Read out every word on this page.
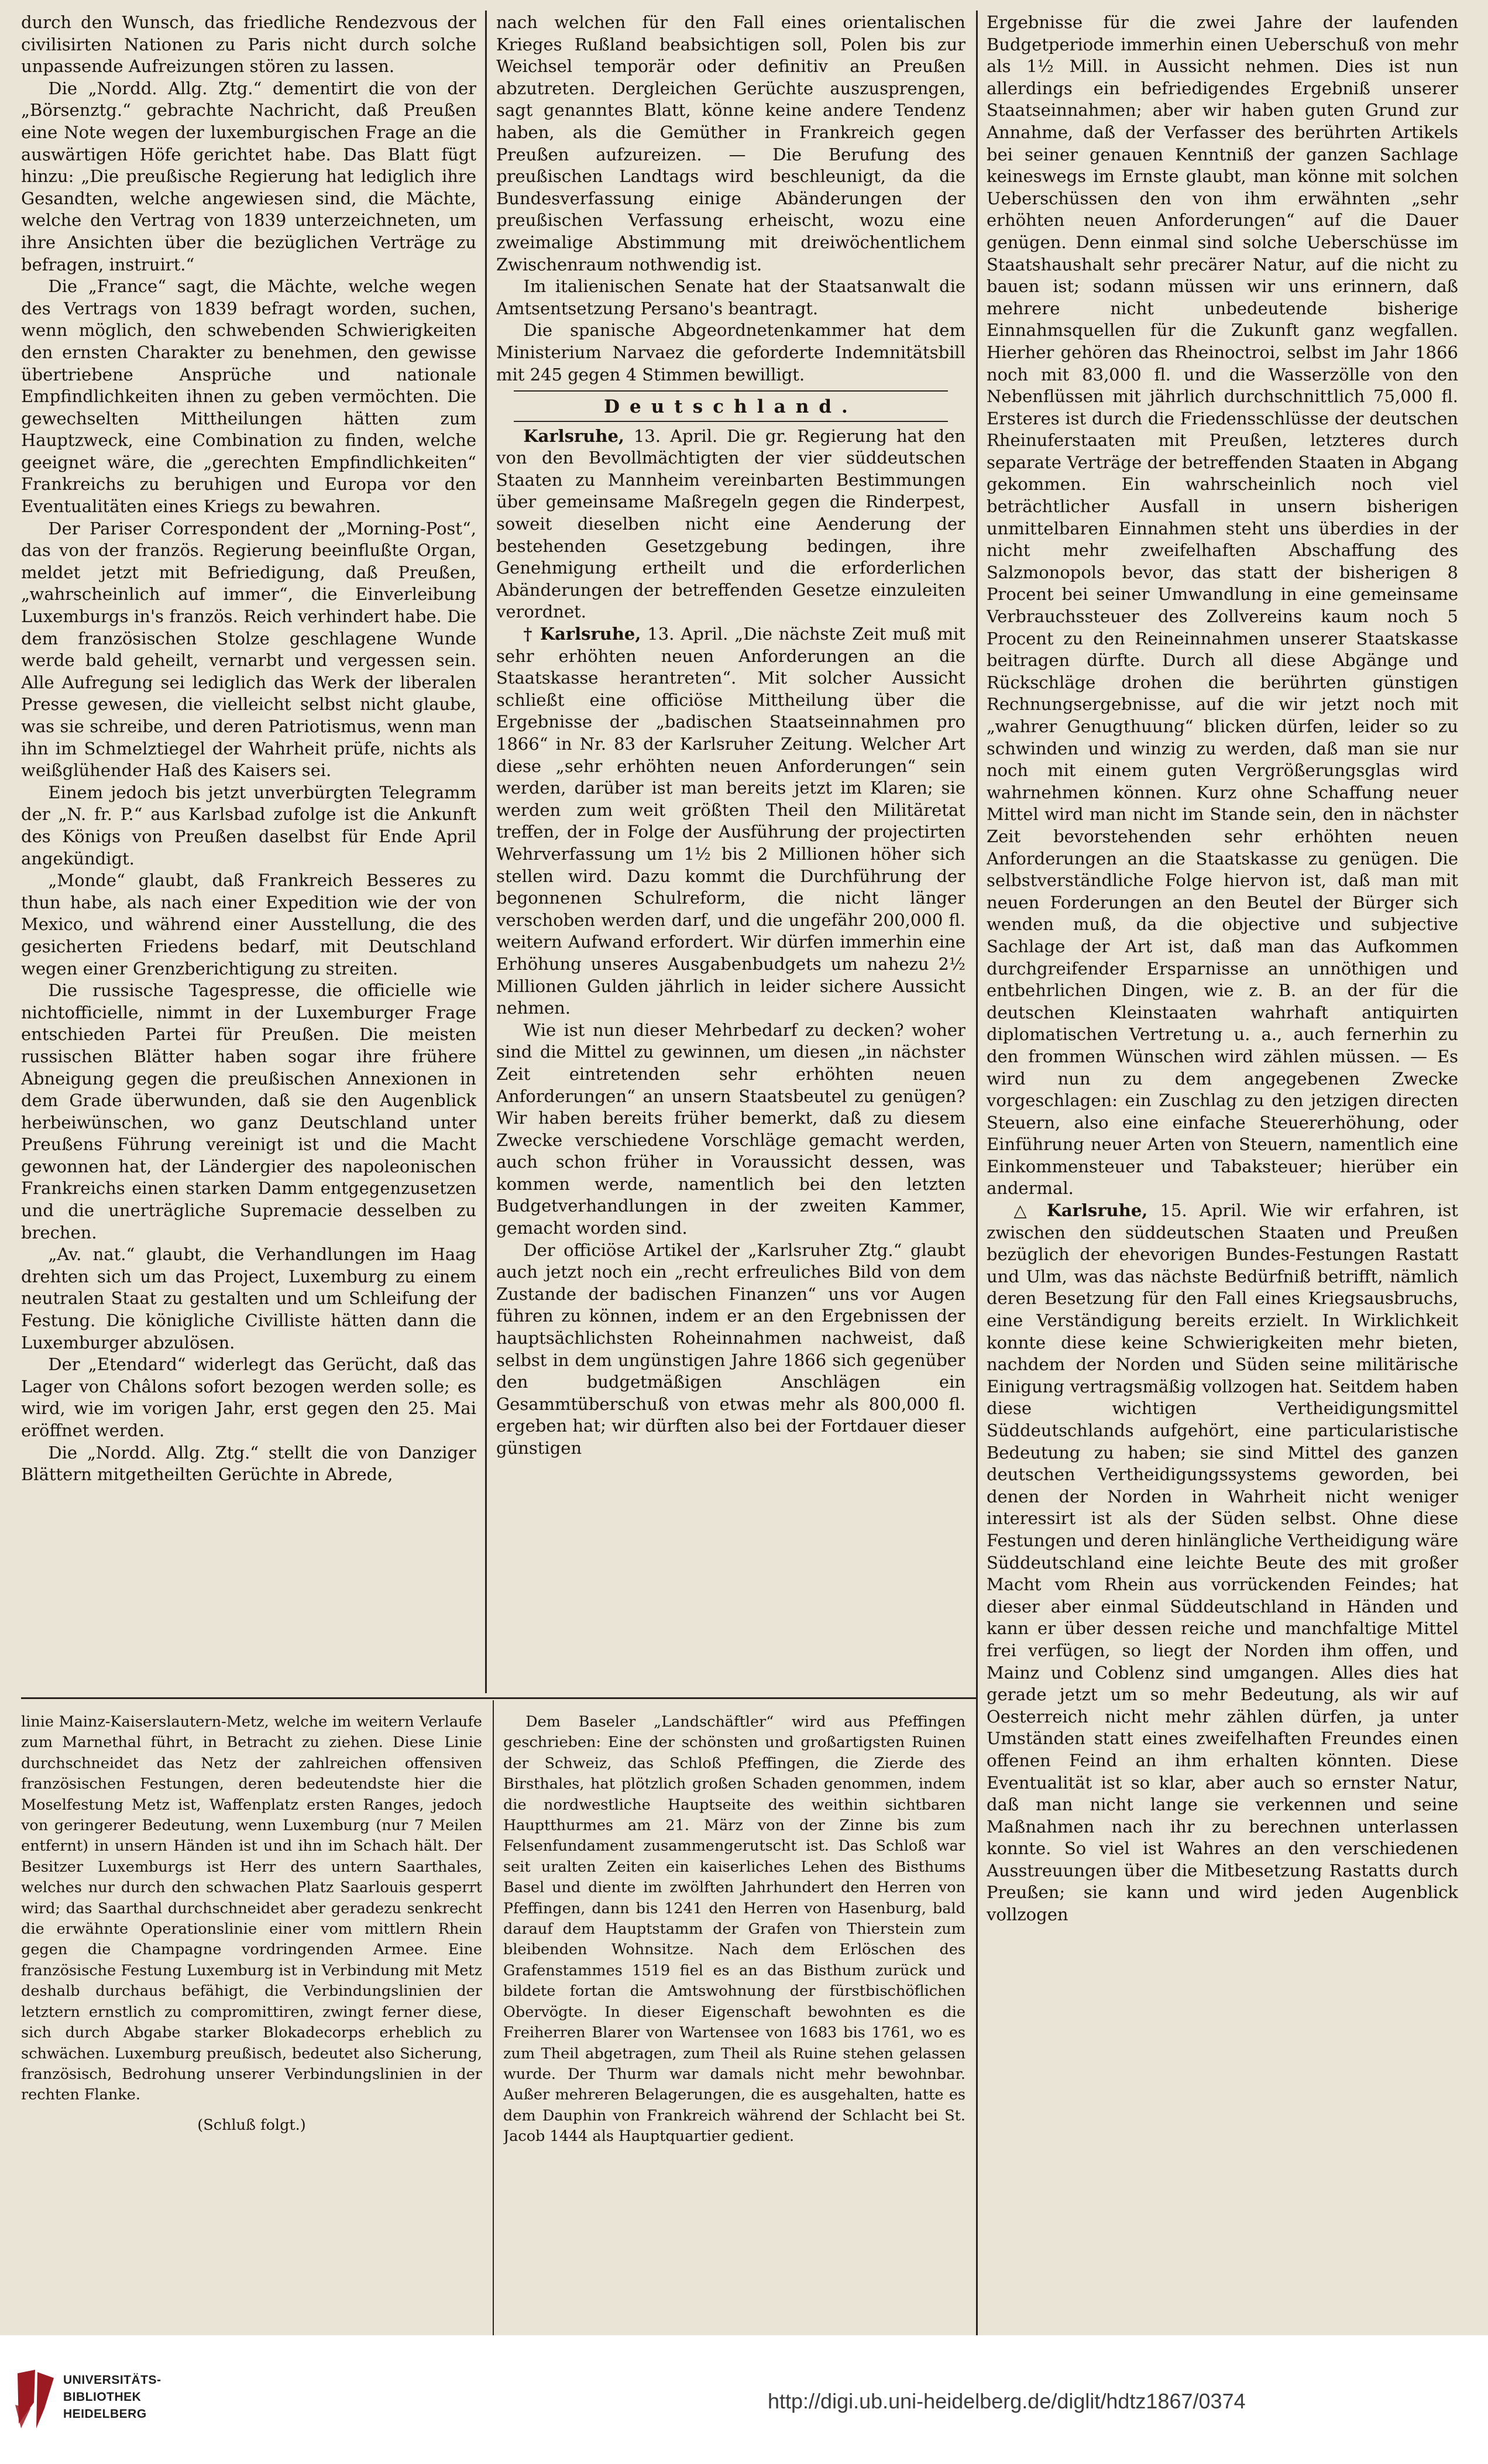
durch den Wunsch, das friedliche Rendezvous der civilisirten Nationen zu Paris nicht durch solche unpassende Aufreizungen stören zu lassen.

Die „Nordd. Allg. Ztg.“ dementirt die von der „Börsenztg.“ gebrachte Nachricht, daß Preußen eine Note wegen der luxemburgischen Frage an die auswärtigen Höfe gerichtet habe. Das Blatt fügt hinzu: „Die preußische Regierung hat lediglich ihre Gesandten, welche angewiesen sind, die Mächte, welche den Vertrag von 1839 unterzeichneten, um ihre Ansichten über die bezüglichen Verträge zu befragen, instruirt.“

Die „France“ sagt, die Mächte, welche wegen des Vertrags von 1839 befragt worden, suchen, wenn möglich, den schwebenden Schwierigkeiten den ernsten Charakter zu benehmen, den gewisse übertriebene Ansprüche und nationale Empfindlichkeiten ihnen zu geben vermöchten. Die gewechselten Mittheilungen hätten zum Hauptzweck, eine Combination zu finden, welche geeignet wäre, die „gerechten Empfindlichkeiten“ Frankreichs zu beruhigen und Europa vor den Eventualitäten eines Kriegs zu bewahren.

Der Pariser Correspondent der „Morning-Post“, das von der französ. Regierung beeinflußte Organ, meldet jetzt mit Befriedigung, daß Preußen, „wahrscheinlich auf immer“, die Einverleibung Luxemburgs in's französ. Reich verhindert habe. Die dem französischen Stolze geschlagene Wunde werde bald geheilt, vernarbt und vergessen sein. Alle Aufregung sei lediglich das Werk der liberalen Presse gewesen, die vielleicht selbst nicht glaube, was sie schreibe, und deren Patriotismus, wenn man ihn im Schmelztiegel der Wahrheit prüfe, nichts als weißglühender Haß des Kaisers sei.

Einem jedoch bis jetzt unverbürgten Telegramm der „N. fr. P.“ aus Karlsbad zufolge ist die Ankunft des Königs von Preußen daselbst für Ende April angekündigt.

„Monde“ glaubt, daß Frankreich Besseres zu thun habe, als nach einer Expedition wie der von Mexico, und während einer Ausstellung, die des gesicherten Friedens bedarf, mit Deutschland wegen einer Grenzberichtigung zu streiten.

Die russische Tagespresse, die officielle wie nichtofficielle, nimmt in der Luxemburger Frage entschieden Partei für Preußen. Die meisten russischen Blätter haben sogar ihre frühere Abneigung gegen die preußischen Annexionen in dem Grade überwunden, daß sie den Augenblick herbeiwünschen, wo ganz Deutschland unter Preußens Führung vereinigt ist und die Macht gewonnen hat, der Ländergier des napoleonischen Frankreichs einen starken Damm entgegenzusetzen und die unerträgliche Supremacie desselben zu brechen.

„Av. nat.“ glaubt, die Verhandlungen im Haag drehten sich um das Project, Luxemburg zu einem neutralen Staat zu gestalten und um Schleifung der Festung. Die königliche Civilliste hätten dann die Luxemburger abzulösen.

Der „Etendard“ widerlegt das Gerücht, daß das Lager von Châlons sofort bezogen werden solle; es wird, wie im vorigen Jahr, erst gegen den 25. Mai eröffnet werden.

Die „Nordd. Allg. Ztg.“ stellt die von Danziger Blättern mitgetheilten Gerüchte in Abrede,

nach welchen für den Fall eines orientalischen Krieges Rußland beabsichtigen soll, Polen bis zur Weichsel temporär oder definitiv an Preußen abzutreten. Dergleichen Gerüchte auszusprengen, sagt genanntes Blatt, könne keine andere Tendenz haben, als die Gemüther in Frankreich gegen Preußen aufzureizen. — Die Berufung des preußischen Landtags wird beschleunigt, da die Bundesverfassung einige Abänderungen der preußischen Verfassung erheischt, wozu eine zweimalige Abstimmung mit dreiwöchentlichem Zwischenraum nothwendig ist.

Im italienischen Senate hat der Staatsanwalt die Amtsentsetzung Persano's beantragt.

Die spanische Abgeordnetenkammer hat dem Ministerium Narvaez die geforderte Indemnitätsbill mit 245 gegen 4 Stimmen bewilligt.

Deutschland.

Karlsruhe, 13. April. Die gr. Regierung hat den von den Bevollmächtigten der vier süddeutschen Staaten zu Mannheim vereinbarten Bestimmungen über gemeinsame Maßregeln gegen die Rinderpest, soweit dieselben nicht eine Aenderung der bestehenden Gesetzgebung bedingen, ihre Genehmigung ertheilt und die erforderlichen Abänderungen der betreffenden Gesetze einzuleiten verordnet.

† Karlsruhe, 13. April. „Die nächste Zeit muß mit sehr erhöhten neuen Anforderungen an die Staatskasse herantreten“. Mit solcher Aussicht schließt eine officiöse Mittheilung über die Ergebnisse der „badischen Staatseinnahmen pro 1866“ in Nr. 83 der Karlsruher Zeitung. Welcher Art diese „sehr erhöhten neuen Anforderungen“ sein werden, darüber ist man bereits jetzt im Klaren; sie werden zum weit größten Theil den Militäretat treffen, der in Folge der Ausführung der projectirten Wehrverfassung um 1½ bis 2 Millionen höher sich stellen wird. Dazu kommt die Durchführung der begonnenen Schulreform, die nicht länger verschoben werden darf, und die ungefähr 200,000 fl. weitern Aufwand erfordert. Wir dürfen immerhin eine Erhöhung unseres Ausgabenbudgets um nahezu 2½ Millionen Gulden jährlich in leider sichere Aussicht nehmen.

Wie ist nun dieser Mehrbedarf zu decken? woher sind die Mittel zu gewinnen, um diesen „in nächster Zeit eintretenden sehr erhöhten neuen Anforderungen“ an unsern Staatsbeutel zu genügen? Wir haben bereits früher bemerkt, daß zu diesem Zwecke verschiedene Vorschläge gemacht werden, auch schon früher in Voraussicht dessen, was kommen werde, namentlich bei den letzten Budgetverhandlungen in der zweiten Kammer, gemacht worden sind.

Der officiöse Artikel der „Karlsruher Ztg.“ glaubt auch jetzt noch ein „recht erfreuliches Bild von dem Zustande der badischen Finanzen“ uns vor Augen führen zu können, indem er an den Ergebnissen der hauptsächlichsten Roheinnahmen nachweist, daß selbst in dem ungünstigen Jahre 1866 sich gegenüber den budgetmäßigen Anschlägen ein Gesammtüberschuß von etwas mehr als 800,000 fl. ergeben hat; wir dürften also bei der Fortdauer dieser günstigen

Ergebnisse für die zwei Jahre der laufenden Budgetperiode immerhin einen Ueberschuß von mehr als 1½ Mill. in Aussicht nehmen. Dies ist nun allerdings ein befriedigendes Ergebniß unserer Staatseinnahmen; aber wir haben guten Grund zur Annahme, daß der Verfasser des berührten Artikels bei seiner genauen Kenntniß der ganzen Sachlage keineswegs im Ernste glaubt, man könne mit solchen Ueberschüssen den von ihm erwähnten „sehr erhöhten neuen Anforderungen“ auf die Dauer genügen. Denn einmal sind solche Ueberschüsse im Staatshaushalt sehr precärer Natur, auf die nicht zu bauen ist; sodann müssen wir uns erinnern, daß mehrere nicht unbedeutende bisherige Einnahmsquellen für die Zukunft ganz wegfallen. Hierher gehören das Rheinoctroi, selbst im Jahr 1866 noch mit 83,000 fl. und die Wasserzölle von den Nebenflüssen mit jährlich durchschnittlich 75,000 fl. Ersteres ist durch die Friedensschlüsse der deutschen Rheinuferstaaten mit Preußen, letzteres durch separate Verträge der betreffenden Staaten in Abgang gekommen. Ein wahrscheinlich noch viel beträchtlicher Ausfall in unsern bisherigen unmittelbaren Einnahmen steht uns überdies in der nicht mehr zweifelhaften Abschaffung des Salzmonopols bevor, das statt der bisherigen 8 Procent bei seiner Umwandlung in eine gemeinsame Verbrauchssteuer des Zollvereins kaum noch 5 Procent zu den Reineinnahmen unserer Staatskasse beitragen dürfte. Durch all diese Abgänge und Rückschläge drohen die berührten günstigen Rechnungsergebnisse, auf die wir jetzt noch mit „wahrer Genugthuung“ blicken dürfen, leider so zu schwinden und winzig zu werden, daß man sie nur noch mit einem guten Vergrößerungsglas wird wahrnehmen können. Kurz ohne Schaffung neuer Mittel wird man nicht im Stande sein, den in nächster Zeit bevorstehenden sehr erhöhten neuen Anforderungen an die Staatskasse zu genügen. Die selbstverständliche Folge hiervon ist, daß man mit neuen Forderungen an den Beutel der Bürger sich wenden muß, da die objective und subjective Sachlage der Art ist, daß man das Aufkommen durchgreifender Ersparnisse an unnöthigen und entbehrlichen Dingen, wie z. B. an der für die deutschen Kleinstaaten wahrhaft antiquirten diplomatischen Vertretung u. a., auch fernerhin zu den frommen Wünschen wird zählen müssen. — Es wird nun zu dem angegebenen Zwecke vorgeschlagen: ein Zuschlag zu den jetzigen directen Steuern, also eine einfache Steuererhöhung, oder Einführung neuer Arten von Steuern, namentlich eine Einkommensteuer und Tabaksteuer; hierüber ein andermal.

△ Karlsruhe, 15. April. Wie wir erfahren, ist zwischen den süddeutschen Staaten und Preußen bezüglich der ehevorigen Bundes-Festungen Rastatt und Ulm, was das nächste Bedürfniß betrifft, nämlich deren Besetzung für den Fall eines Kriegsausbruchs, eine Verständigung bereits erzielt. In Wirklichkeit konnte diese keine Schwierigkeiten mehr bieten, nachdem der Norden und Süden seine militärische Einigung vertragsmäßig vollzogen hat. Seitdem haben diese wichtigen Vertheidigungsmittel Süddeutschlands aufgehört, eine particularistische Bedeutung zu haben; sie sind Mittel des ganzen deutschen Vertheidigungssystems geworden, bei denen der Norden in Wahrheit nicht weniger interessirt ist als der Süden selbst. Ohne diese Festungen und deren hinlängliche Vertheidigung wäre Süddeutschland eine leichte Beute des mit großer Macht vom Rhein aus vorrückenden Feindes; hat dieser aber einmal Süddeutschland in Händen und kann er über dessen reiche und manchfaltige Mittel frei verfügen, so liegt der Norden ihm offen, und Mainz und Coblenz sind umgangen. Alles dies hat gerade jetzt um so mehr Bedeutung, als wir auf Oesterreich nicht mehr zählen dürfen, ja unter Umständen statt eines zweifelhaften Freundes einen offenen Feind an ihm erhalten könnten. Diese Eventualität ist so klar, aber auch so ernster Natur, daß man nicht lange sie verkennen und seine Maßnahmen nach ihr zu berechnen unterlassen konnte. So viel ist Wahres an den verschiedenen Ausstreuungen über die Mitbesetzung Rastatts durch Preußen; sie kann und wird jeden Augenblick vollzogen

linie Mainz-Kaiserslautern-Metz, welche im weitern Verlaufe zum Marnethal führt, in Betracht zu ziehen. Diese Linie durchschneidet das Netz der zahlreichen offensiven französischen Festungen, deren bedeutendste hier die Moselfestung Metz ist, Waffenplatz ersten Ranges, jedoch von geringerer Bedeutung, wenn Luxemburg (nur 7 Meilen entfernt) in unsern Händen ist und ihn im Schach hält. Der Besitzer Luxemburgs ist Herr des untern Saarthales, welches nur durch den schwachen Platz Saarlouis gesperrt wird; das Saarthal durchschneidet aber geradezu senkrecht die erwähnte Operationslinie einer vom mittlern Rhein gegen die Champagne vordringenden Armee. Eine französische Festung Luxemburg ist in Verbindung mit Metz deshalb durchaus befähigt, die Verbindungslinien der letztern ernstlich zu compromittiren, zwingt ferner diese, sich durch Abgabe starker Blokadecorps erheblich zu schwächen. Luxemburg preußisch, bedeutet also Sicherung, französisch, Bedrohung unserer Verbindungslinien in der rechten Flanke.

(Schluß folgt.)

Dem Baseler „Landschäftler“ wird aus Pfeffingen geschrieben: Eine der schönsten und großartigsten Ruinen der Schweiz, das Schloß Pfeffingen, die Zierde des Birsthales, hat plötzlich großen Schaden genommen, indem die nordwestliche Hauptseite des weithin sichtbaren Hauptthurmes am 21. März von der Zinne bis zum Felsenfundament zusammengerutscht ist. Das Schloß war seit uralten Zeiten ein kaiserliches Lehen des Bisthums Basel und diente im zwölften Jahrhundert den Herren von Pfeffingen, dann bis 1241 den Herren von Hasenburg, bald darauf dem Hauptstamm der Grafen von Thierstein zum bleibenden Wohnsitze. Nach dem Erlöschen des Grafenstammes 1519 fiel es an das Bisthum zurück und bildete fortan die Amtswohnung der fürstbischöflichen Obervögte. In dieser Eigenschaft bewohnten es die Freiherren Blarer von Wartensee von 1683 bis 1761, wo es zum Theil abgetragen, zum Theil als Ruine stehen gelassen wurde. Der Thurm war damals nicht mehr bewohnbar. Außer mehreren Belagerungen, die es ausgehalten, hatte es dem Dauphin von Frankreich während der Schlacht bei St. Jacob 1444 als Hauptquartier gedient.

UNIVERSITÄTS-
BIBLIOTHEK
HEIDELBERG
http://digi.ub.uni-heidelberg.de/diglit/hdtz1867/0374
